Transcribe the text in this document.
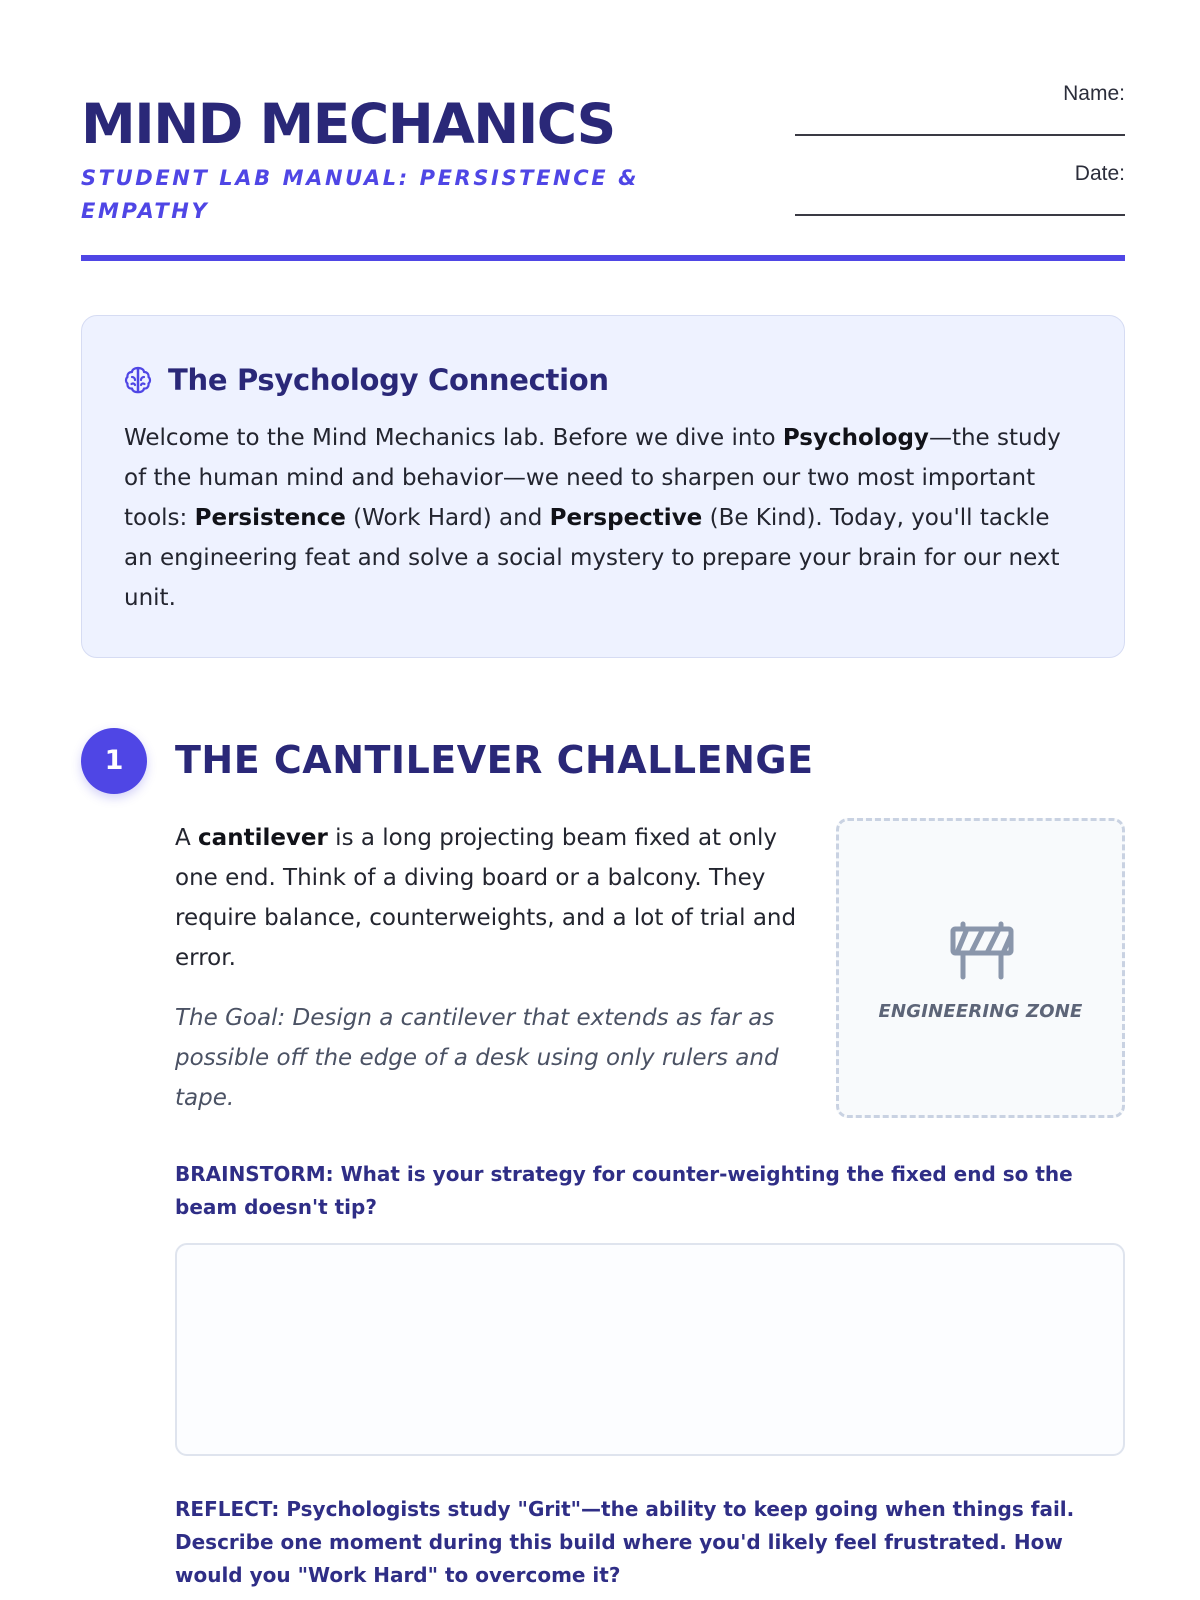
MIND MECHANICS

STUDENT LAB MANUAL: PERSISTENCE & EMPATHY

Name:
Date:
The Psychology Connection

Welcome to the Mind Mechanics lab. Before we dive into Psychology—the study of the human mind and behavior—we need to sharpen our two most important tools: Persistence (Work Hard) and Perspective (Be Kind). Today, you'll tackle an engineering feat and solve a social mystery to prepare your brain for our next unit.

1	THE CANTILEVER CHALLENGE

A cantilever is a long projecting beam fixed at only one end. Think of a diving board or a balcony. They require balance, counterweights, and a lot of trial and error.

The Goal: Design a cantilever that extends as far as possible off the edge of a desk using only rulers and tape.

ENGINEERING ZONE

BRAINSTORM: What is your strategy for counter-weighting the fixed end so the beam doesn't tip?

REFLECT: Psychologists study "Grit"—the ability to keep going when things fail. Describe one moment during this build where you'd likely feel frustrated. How would you "Work Hard" to overcome it?
